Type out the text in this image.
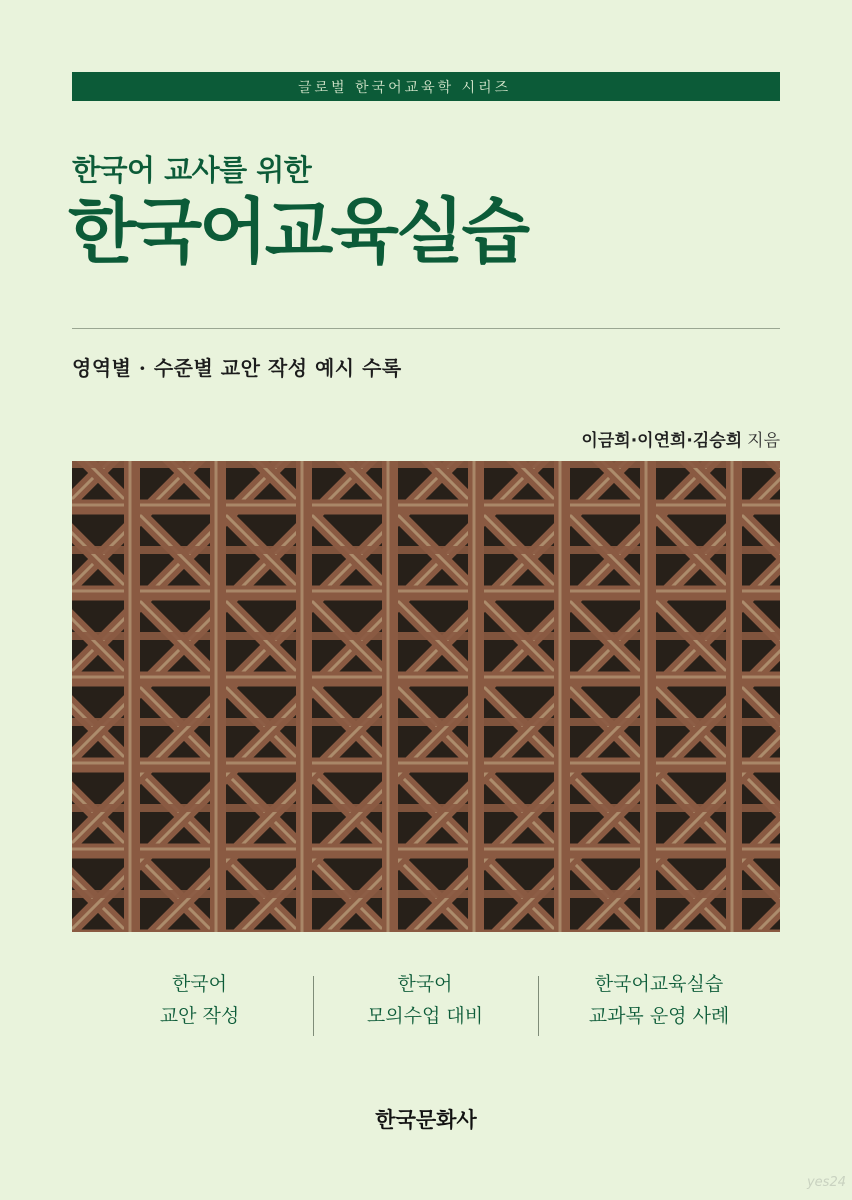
글로벌 한국어교육학 시리즈
한국어 교사를 위한
한국어교육실습
영역별 · 수준별 교안 작성 예시 수록
이금희·이연희·김승희 지음
한국어
교안 작성
한국어
모의수업 대비
한국어교육실습
교과목 운영 사례
한국문화사
yes24
